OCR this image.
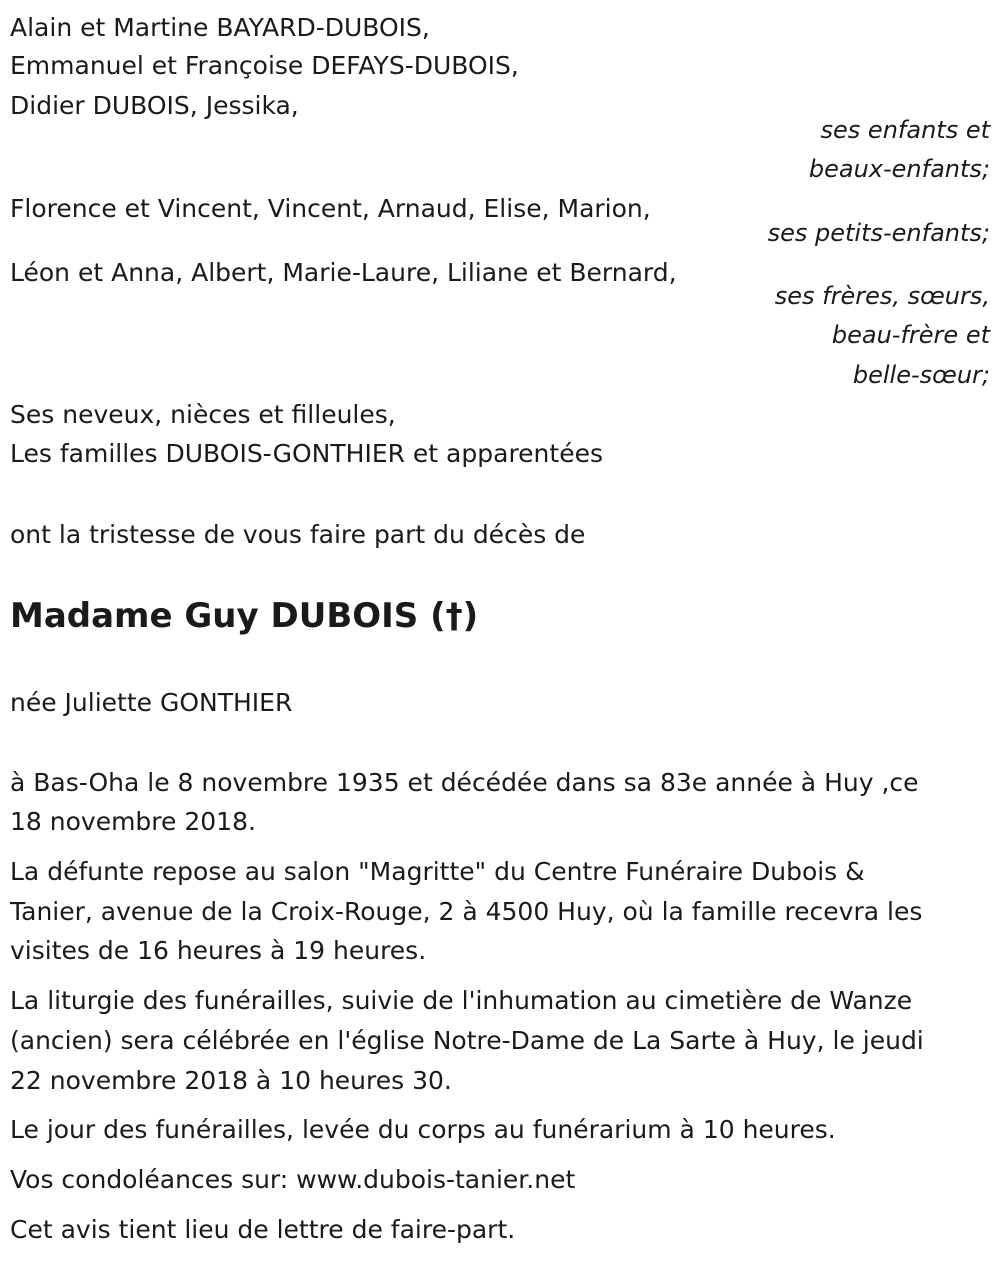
Alain et Martine BAYARD-DUBOIS,
Emmanuel et Françoise DEFAYS-DUBOIS,
Didier DUBOIS, Jessika,
ses enfants et
beaux-enfants;
Florence et Vincent, Vincent, Arnaud, Elise, Marion,
ses petits-enfants;
Léon et Anna, Albert, Marie-Laure, Liliane et Bernard,
ses frères, sœurs,
beau-frère et
belle-sœur;
Ses neveux, nièces et filleules,
Les familles DUBOIS-GONTHIER et apparentées
ont la tristesse de vous faire part du décès de
Madame Guy DUBOIS (†)
née Juliette GONTHIER
à Bas-Oha le 8 novembre 1935 et décédée dans sa 83e année à Huy ,ce
18 novembre 2018.
La défunte repose au salon "Magritte" du Centre Funéraire Dubois &
Tanier, avenue de la Croix-Rouge, 2 à 4500 Huy, où la famille recevra les
visites de 16 heures à 19 heures.
La liturgie des funérailles, suivie de l'inhumation au cimetière de Wanze
(ancien) sera célébrée en l'église Notre-Dame de La Sarte à Huy, le jeudi
22 novembre 2018 à 10 heures 30.
Le jour des funérailles, levée du corps au funérarium à 10 heures.
Vos condoléances sur: www.dubois-tanier.net
Cet avis tient lieu de lettre de faire-part.
